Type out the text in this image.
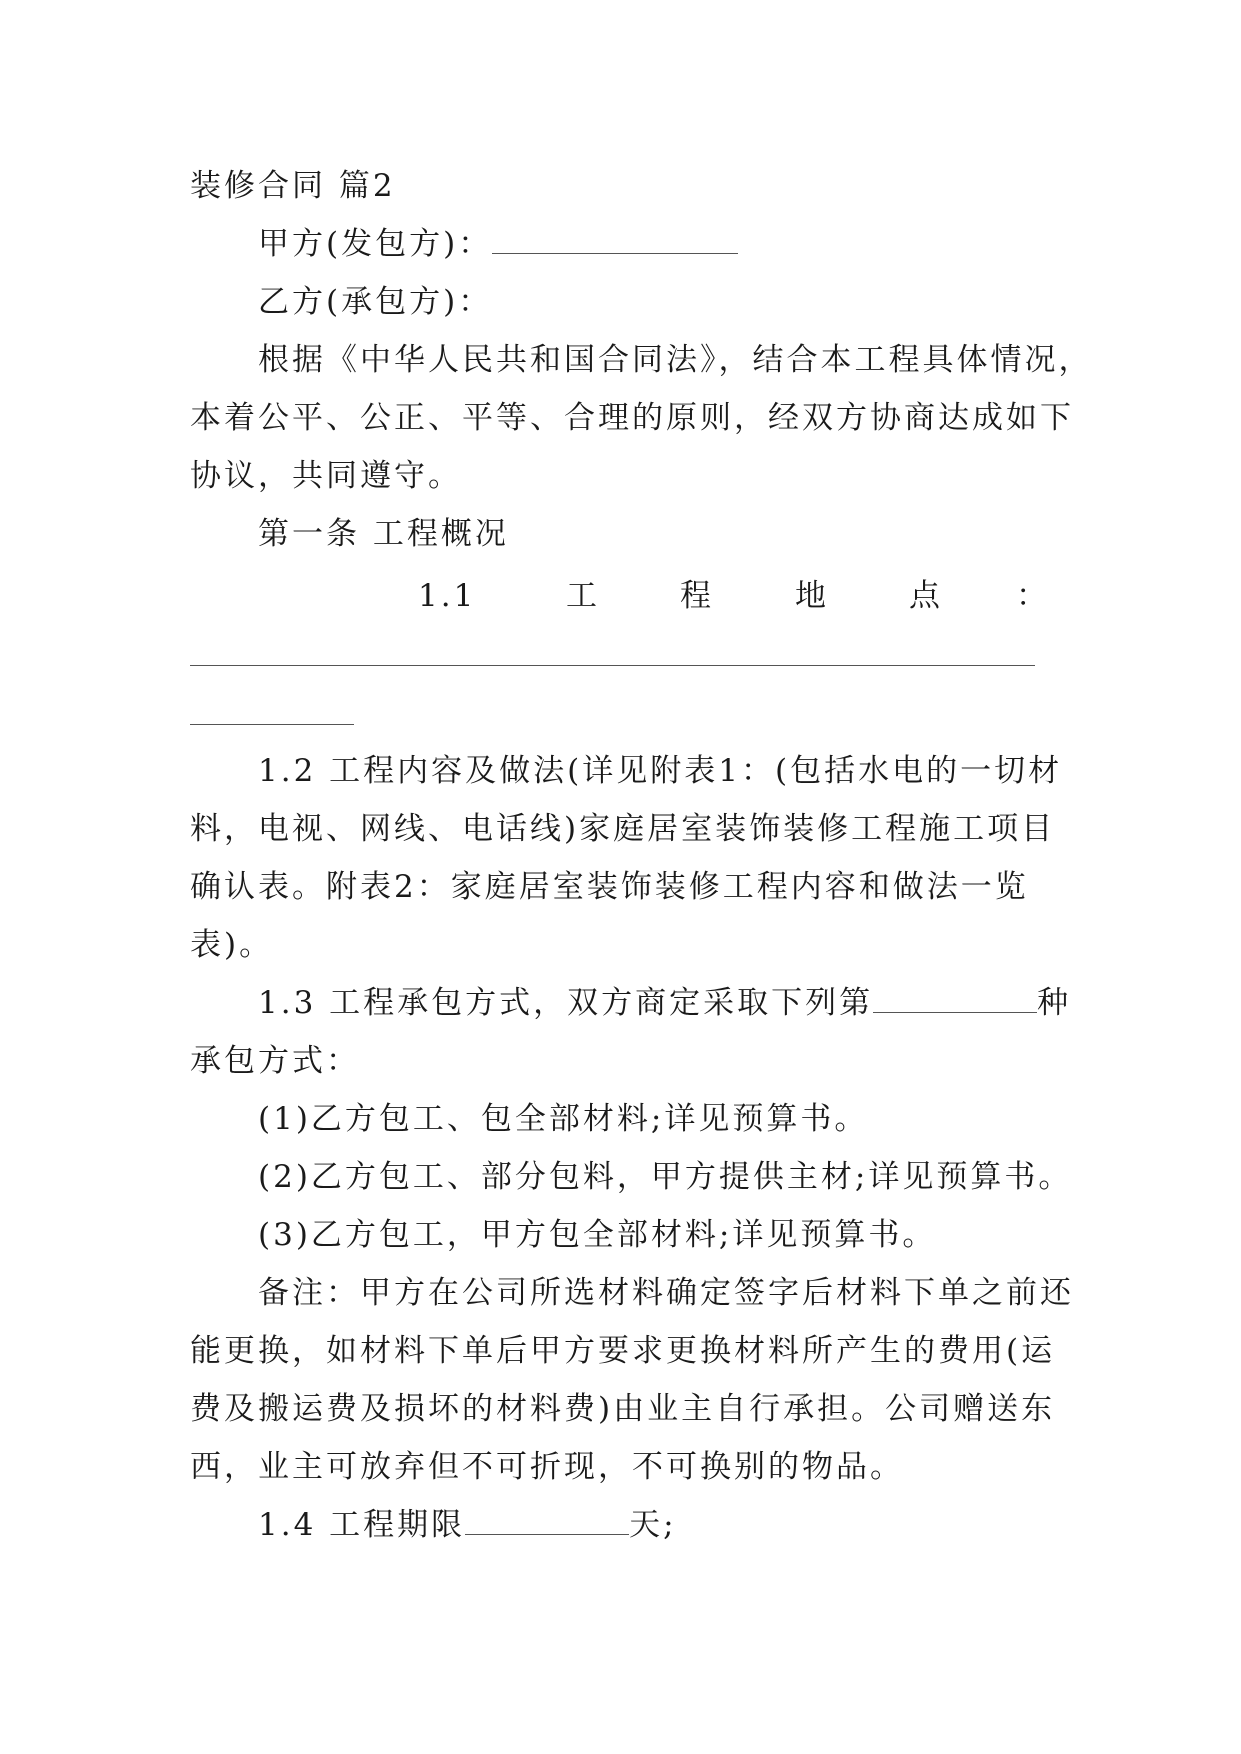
装修合同 篇2
甲方(发包方)：
乙方(承包方)：
根据《中华人民共和国合同法》，结合本工程具体情况，
本着公平、公正、平等、合理的原则，经双方协商达成如下
协议，共同遵守。
第一条 工程概况
1.1	工	程	地	点 ：
1.2 工程内容及做法(详见附表1：(包括水电的一切材
料，电视、网线、电话线)家庭居室装饰装修工程施工项目
确认表。附表2：家庭居室装饰装修工程内容和做法一览
表)。
1.3 工程承包方式，双方商定采取下列第	种
承包方式：
(1)乙方包工、包全部材料;详见预算书。
(2)乙方包工、部分包料，甲方提供主材;详见预算书。
(3)乙方包工，甲方包全部材料;详见预算书。
备注：甲方在公司所选材料确定签字后材料下单之前还
能更换，如材料下单后甲方要求更换材料所产生的费用(运
费及搬运费及损坏的材料费)由业主自行承担。公司赠送东
西，业主可放弃但不可折现，不可换别的物品。
1.4 工程期限	天;
